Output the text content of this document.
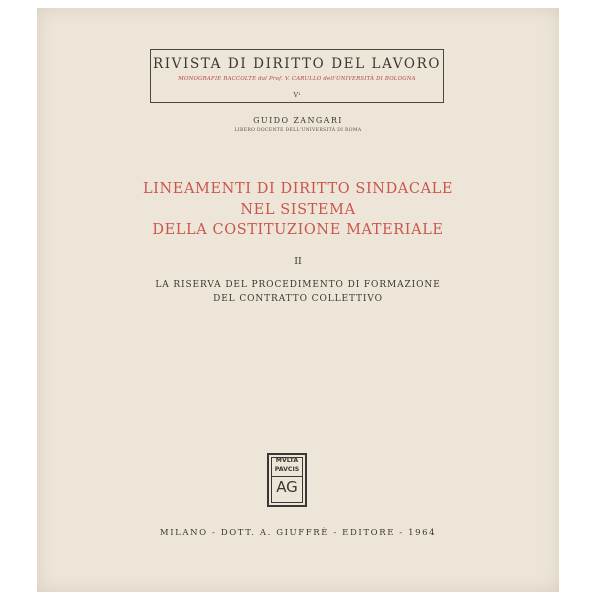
RIVISTA DI DIRITTO DEL LAVORO
MONOGRAFIE RACCOLTE dal Prof. V. CARULLO dell'UNIVERSITÀ DI BOLOGNA
V¹
GUIDO ZANGARI
LIBERO DOCENTE DELL'UNIVERSITÀ DI ROMA
LINEAMENTI DI DIRITTO SINDACALE
NEL SISTEMA
DELLA COSTITUZIONE MATERIALE
II
LA RISERVA DEL PROCEDIMENTO DI FORMAZIONE
DEL CONTRATTO COLLETTIVO
MVLTA
PAVCIS
AG
MILANO - DOTT. A. GIUFFRÈ - EDITORE - 1964
